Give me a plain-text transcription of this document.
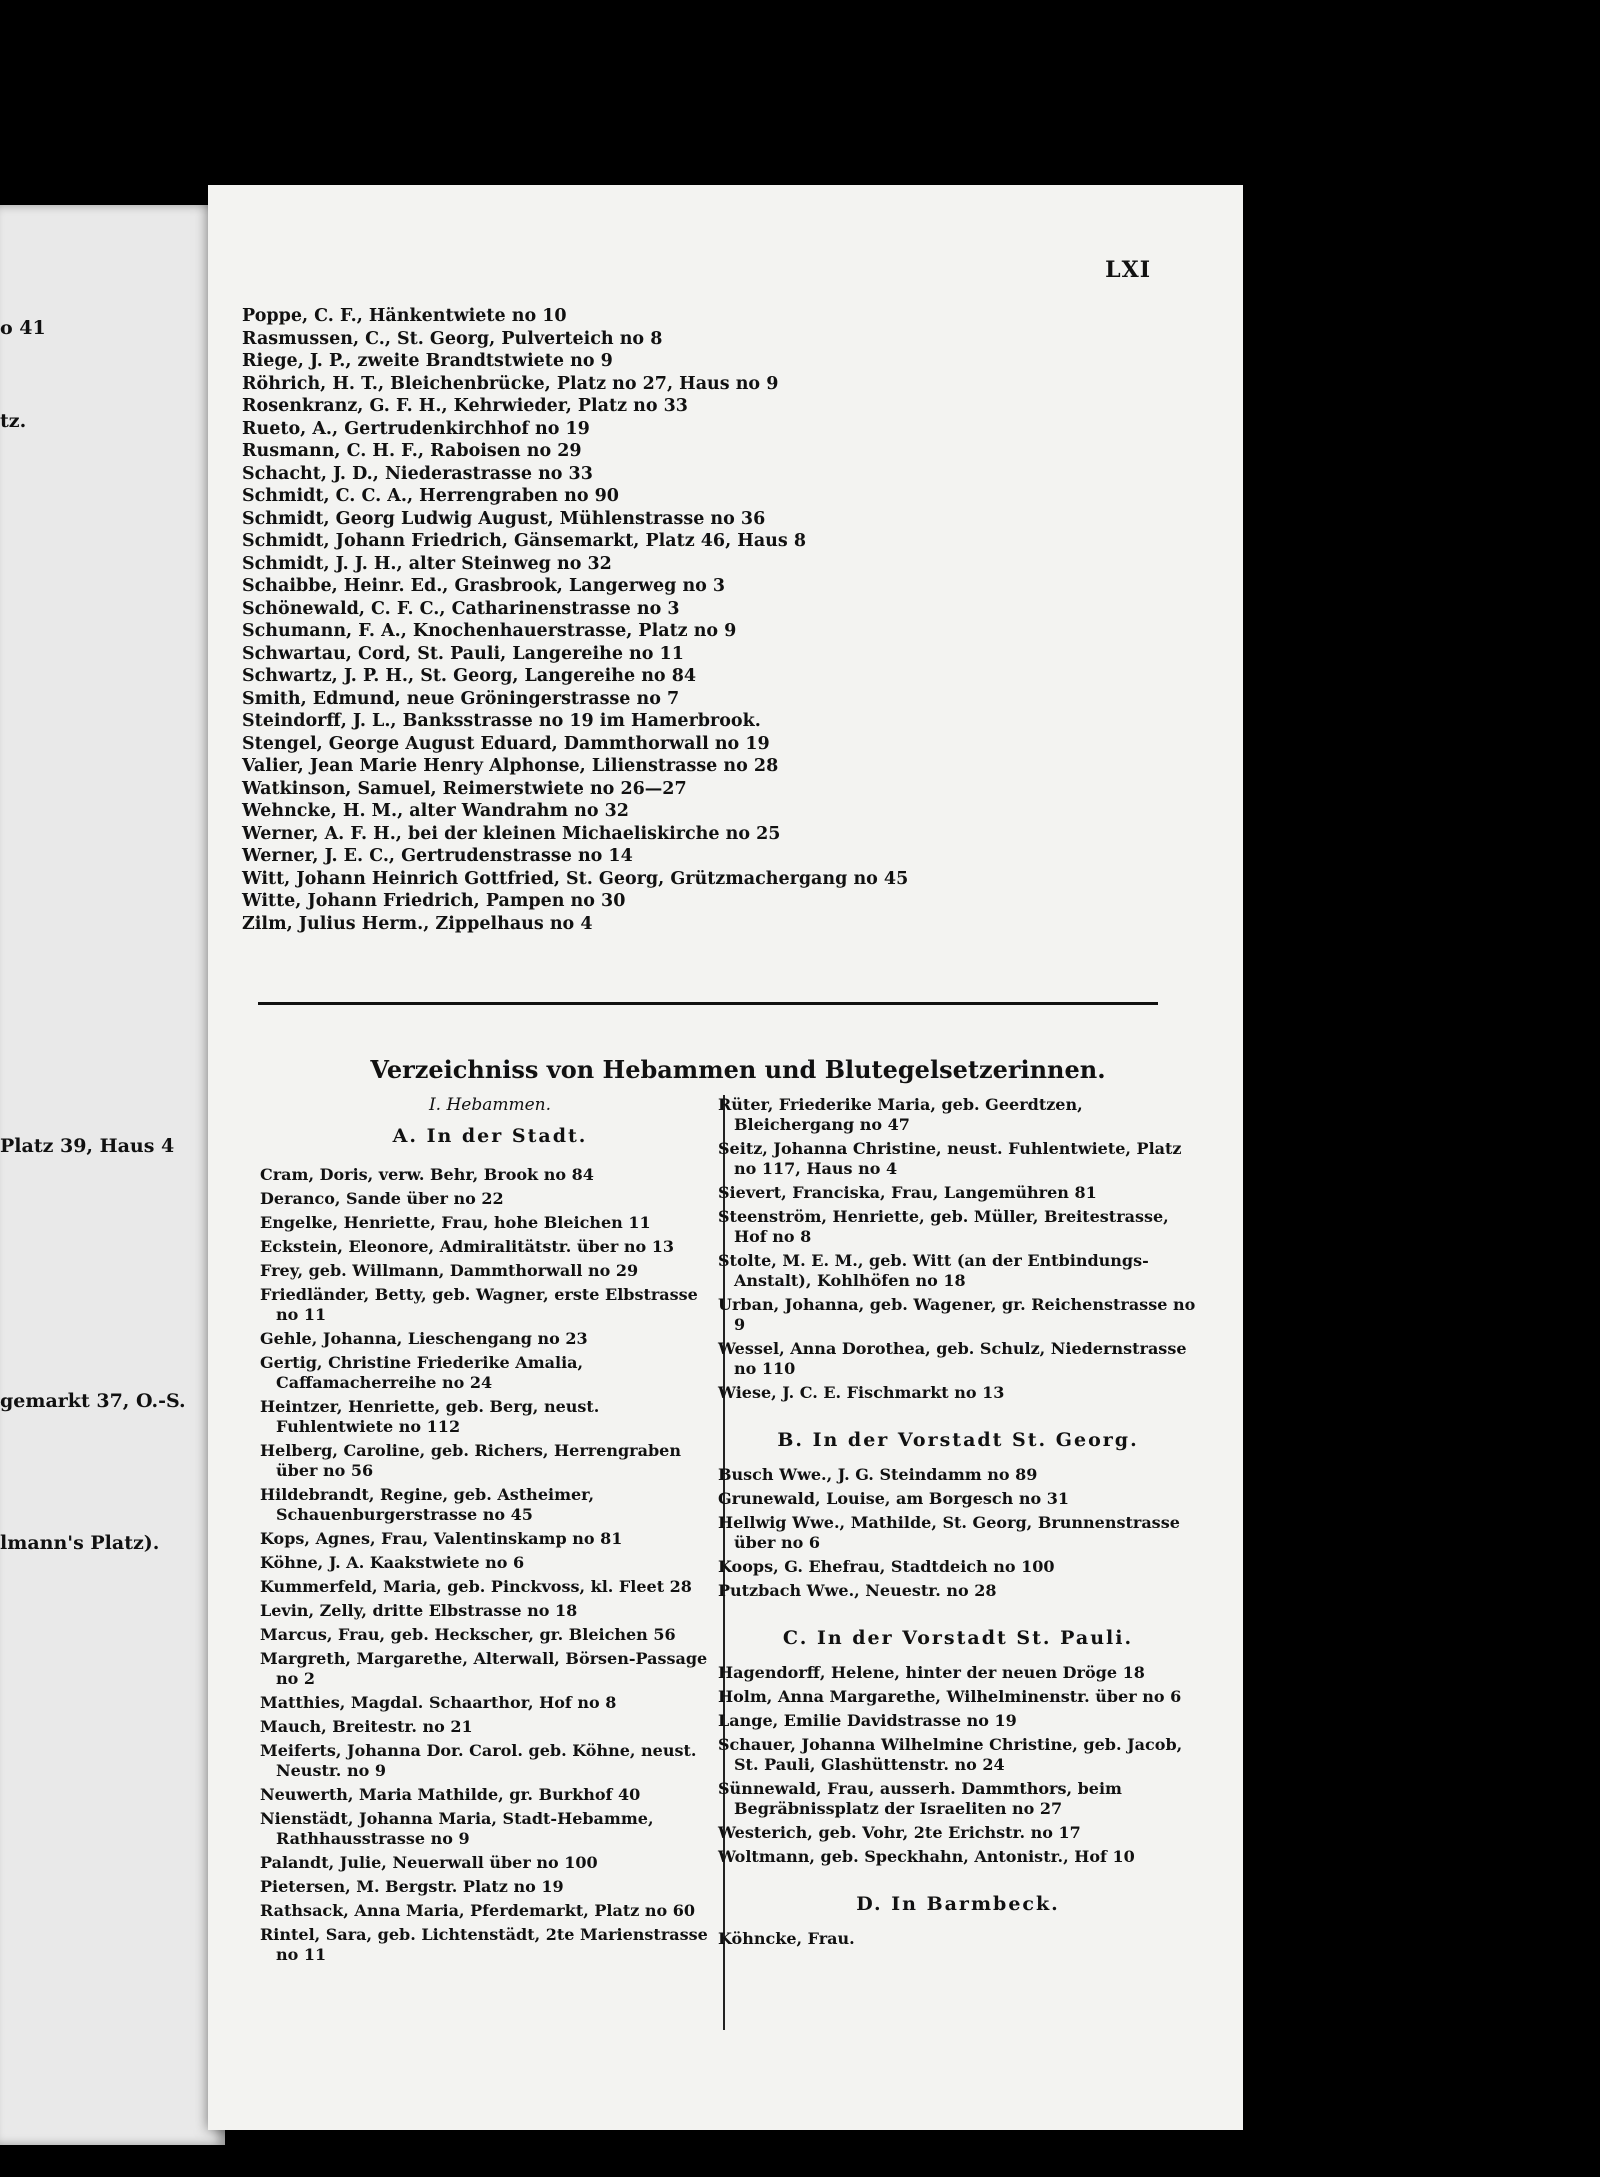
o 41
tz.
Platz 39, Haus 4
gemarkt 37, O.-S.
lmann's Platz).
LXI
Poppe, C. F., Hänkentwiete no 10
Rasmussen, C., St. Georg, Pulverteich no 8
Riege, J. P., zweite Brandtstwiete no 9
Röhrich, H. T., Bleichenbrücke, Platz no 27, Haus no 9
Rosenkranz, G. F. H., Kehrwieder, Platz no 33
Rueto, A., Gertrudenkirchhof no 19
Rusmann, C. H. F., Raboisen no 29
Schacht, J. D., Niederastrasse no 33
Schmidt, C. C. A., Herrengraben no 90
Schmidt, Georg Ludwig August, Mühlenstrasse no 36
Schmidt, Johann Friedrich, Gänsemarkt, Platz 46, Haus 8
Schmidt, J. J. H., alter Steinweg no 32
Schaibbe, Heinr. Ed., Grasbrook, Langerweg no 3
Schönewald, C. F. C., Catharinenstrasse no 3
Schumann, F. A., Knochenhauerstrasse, Platz no 9
Schwartau, Cord, St. Pauli, Langereihe no 11
Schwartz, J. P. H., St. Georg, Langereihe no 84
Smith, Edmund, neue Gröningerstrasse no 7
Steindorff, J. L., Banksstrasse no 19 im Hamerbrook.
Stengel, George August Eduard, Dammthorwall no 19
Valier, Jean Marie Henry Alphonse, Lilienstrasse no 28
Watkinson, Samuel, Reimerstwiete no 26—27
Wehncke, H. M., alter Wandrahm no 32
Werner, A. F. H., bei der kleinen Michaeliskirche no 25
Werner, J. E. C., Gertrudenstrasse no 14
Witt, Johann Heinrich Gottfried, St. Georg, Grützmachergang no 45
Witte, Johann Friedrich, Pampen no 30
Zilm, Julius Herm., Zippelhaus no 4
Verzeichniss von Hebammen und Blutegelsetzerinnen.
I. Hebammen.
A. In der Stadt.
Cram, Doris, verw. Behr, Brook no 84
Deranco, Sande über no 22
Engelke, Henriette, Frau, hohe Bleichen 11
Eckstein, Eleonore, Admiralitätstr. über no 13
Frey, geb. Willmann, Dammthorwall no 29
Friedländer, Betty, geb. Wagner, erste Elbstrasse no 11
Gehle, Johanna, Lieschengang no 23
Gertig, Christine Friederike Amalia, Caffamacherreihe no 24
Heintzer, Henriette, geb. Berg, neust. Fuhlentwiete no 112
Helberg, Caroline, geb. Richers, Herrengraben über no 56
Hildebrandt, Regine, geb. Astheimer, Schauenburgerstrasse no 45
Kops, Agnes, Frau, Valentinskamp no 81
Köhne, J. A. Kaakstwiete no 6
Kummerfeld, Maria, geb. Pinckvoss, kl. Fleet 28
Levin, Zelly, dritte Elbstrasse no 18
Marcus, Frau, geb. Heckscher, gr. Bleichen 56
Margreth, Margarethe, Alterwall, Börsen-Passage no 2
Matthies, Magdal. Schaarthor, Hof no 8
Mauch, Breitestr. no 21
Meiferts, Johanna Dor. Carol. geb. Köhne, neust. Neustr. no 9
Neuwerth, Maria Mathilde, gr. Burkhof 40
Nienstädt, Johanna Maria, Stadt-Hebamme, Rathhausstrasse no 9
Palandt, Julie, Neuerwall über no 100
Pietersen, M. Bergstr. Platz no 19
Rathsack, Anna Maria, Pferdemarkt, Platz no 60
Rintel, Sara, geb. Lichtenstädt, 2te Marienstrasse no 11
Rüter, Friederike Maria, geb. Geerdtzen, Bleichergang no 47
Seitz, Johanna Christine, neust. Fuhlentwiete, Platz no 117, Haus no 4
Sievert, Franciska, Frau, Langemühren 81
Steenström, Henriette, geb. Müller, Breitestrasse, Hof no 8
Stolte, M. E. M., geb. Witt (an der Entbindungs-Anstalt), Kohlhöfen no 18
Urban, Johanna, geb. Wagener, gr. Reichenstrasse no 9
Wessel, Anna Dorothea, geb. Schulz, Niedernstrasse no 110
Wiese, J. C. E. Fischmarkt no 13
B. In der Vorstadt St. Georg.
Busch Wwe., J. G. Steindamm no 89
Grunewald, Louise, am Borgesch no 31
Hellwig Wwe., Mathilde, St. Georg, Brunnenstrasse über no 6
Koops, G. Ehefrau, Stadtdeich no 100
Putzbach Wwe., Neuestr. no 28
C. In der Vorstadt St. Pauli.
Hagendorff, Helene, hinter der neuen Dröge 18
Holm, Anna Margarethe, Wilhelminenstr. über no 6
Lange, Emilie Davidstrasse no 19
Schauer, Johanna Wilhelmine Christine, geb. Jacob, St. Pauli, Glashüttenstr. no 24
Sünnewald, Frau, ausserh. Dammthors, beim Begräbnissplatz der Israeliten no 27
Westerich, geb. Vohr, 2te Erichstr. no 17
Woltmann, geb. Speckhahn, Antonistr., Hof 10
D. In Barmbeck.
Köhncke, Frau.
